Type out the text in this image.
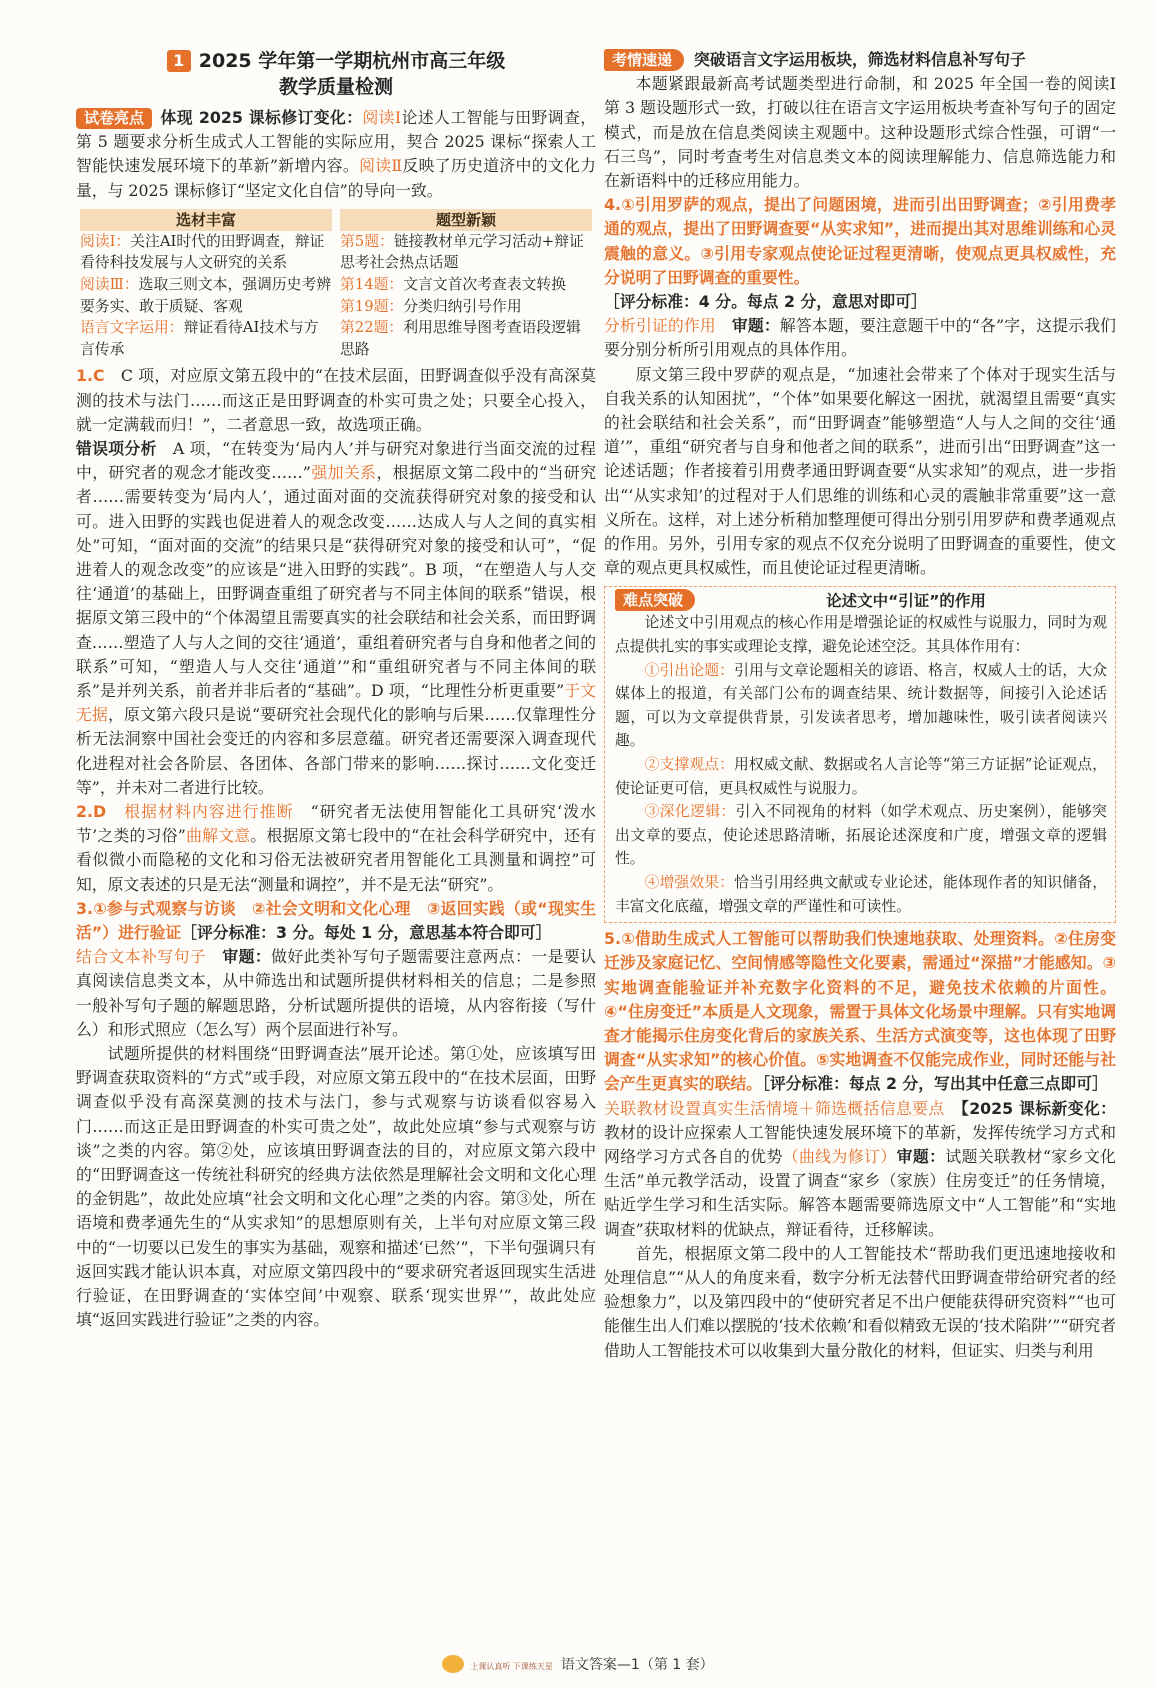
1 2025 学年第一学期杭州市高三年级
教学质量检测

试卷亮点 体现 2025 课标修订变化：阅读Ⅰ论述人工智能与田野调查，第 5 题要求分析生成式人工智能的实际应用，契合 2025 课标“探索人工智能快速发展环境下的革新”新增内容。阅读Ⅱ反映了历史道济中的文化力量，与 2025 课标修订“坚定文化自信”的导向一致。

选材丰富

阅读Ⅰ：关注AI时代的田野调查，辩证看待科技发展与人文研究的关系

阅读Ⅲ：选取三则文本，强调历史考辨要务实、敢于质疑、客观

语言文字运用：辩证看待AI技术与方言传承

题型新颖

第5题：链接教材单元学习活动+辩证思考社会热点话题

第14题：文言文首次考查表文转换

第19题：分类归纳引号作用

第22题：利用思维导图考查语段逻辑思路

1.C　 C 项，对应原文第五段中的“在技术层面，田野调查似乎没有高深莫测的技术与法门……而这正是田野调查的朴实可贵之处；只要全心投入，就一定满载而归！”，二者意思一致，故选项正确。

错误项分析　 A 项，“在转变为‘局内人’并与研究对象进行当面交流的过程中，研究者的观念才能改变……”强加关系，根据原文第二段中的“当研究者……需要转变为‘局内人’，通过面对面的交流获得研究对象的接受和认可。进入田野的实践也促进着人的观念改变……达成人与人之间的真实相处”可知，“面对面的交流”的结果只是“获得研究对象的接受和认可”，“促进着人的观念改变”的应该是“进入田野的实践”。B 项，“在塑造人与人交往‘通道’的基础上，田野调查重组了研究者与不同主体间的联系”错误，根据原文第三段中的“个体渴望且需要真实的社会联结和社会关系，而田野调查……塑造了人与人之间的交往‘通道’，重组着研究者与自身和他者之间的联系”可知，“塑造人与人交往‘通道’”和“重组研究者与不同主体间的联系”是并列关系，前者并非后者的“基础”。D 项，“比理性分析更重要”于文无据，原文第六段只是说“要研究社会现代化的影响与后果……仅靠理性分析无法洞察中国社会变迁的内容和多层意蕴。研究者还需要深入调查现代化进程对社会各阶层、各团体、各部门带来的影响……探讨……文化变迁等”，并未对二者进行比较。

2.D　 根据材料内容进行推断　 “研究者无法使用智能化工具研究‘泼水节’之类的习俗”曲解文意。根据原文第七段中的“在社会科学研究中，还有看似微小而隐秘的文化和习俗无法被研究者用智能化工具测量和调控”可知，原文表述的只是无法“测量和调控”，并不是无法“研究”。

3.①参与式观察与访谈　②社会文明和文化心理　③返回实践（或“现实生活”）进行验证［评分标准：3 分。每处 1 分，意思基本符合即可］

结合文本补写句子　 审题：做好此类补写句子题需要注意两点：一是要认真阅读信息类文本，从中筛选出和试题所提供材料相关的信息；二是参照一般补写句子题的解题思路，分析试题所提供的语境，从内容衔接（写什么）和形式照应（怎么写）两个层面进行补写。

试题所提供的材料围绕“田野调查法”展开论述。第①处，应该填写田野调查获取资料的“方式”或手段，对应原文第五段中的“在技术层面，田野调查似乎没有高深莫测的技术与法门，参与式观察与访谈看似容易入门……而这正是田野调查的朴实可贵之处”，故此处应填“参与式观察与访谈”之类的内容。第②处，应该填田野调查法的目的，对应原文第六段中的“田野调查这一传统社科研究的经典方法依然是理解社会文明和文化心理的金钥匙”，故此处应填“社会文明和文化心理”之类的内容。第③处，所在语境和费孝通先生的“从实求知”的思想原则有关，上半句对应原文第三段中的“一切要以已发生的事实为基础，观察和描述‘已然’”，下半句强调只有返回实践才能认识本真，对应原文第四段中的“要求研究者返回现实生活进行验证，在田野调查的‘实体空间’中观察、联系‘现实世界’”，故此处应填“返回实践进行验证”之类的内容。

考情速递 突破语言文字运用板块，筛选材料信息补写句子

本题紧跟最新高考试题类型进行命制，和 2025 年全国一卷的阅读Ⅰ第 3 题设题形式一致，打破以往在语言文字运用板块考查补写句子的固定模式，而是放在信息类阅读主观题中。这种设题形式综合性强，可谓“一石三鸟”，同时考查考生对信息类文本的阅读理解能力、信息筛选能力和在新语料中的迁移应用能力。

4.①引用罗萨的观点，提出了问题困境，进而引出田野调查；②引用费孝通的观点，提出了田野调查要“从实求知”，进而提出其对思维训练和心灵震触的意义。③引用专家观点使论证过程更清晰，使观点更具权威性，充分说明了田野调查的重要性。

［评分标准：4 分。每点 2 分，意思对即可］

分析引证的作用　 审题：解答本题，要注意题干中的“各”字，这提示我们要分别分析所引用观点的具体作用。

原文第三段中罗萨的观点是，“加速社会带来了个体对于现实生活与自我关系的认知困扰”，“个体”如果要化解这一困扰，就渴望且需要“真实的社会联结和社会关系”，而“田野调查”能够塑造“人与人之间的交往‘通道’”，重组“研究者与自身和他者之间的联系”，进而引出“田野调查”这一论述话题；作者接着引用费孝通田野调查要“从实求知”的观点，进一步指出“‘从实求知’的过程对于人们思维的训练和心灵的震触非常重要”这一意义所在。这样，对上述分析稍加整理便可得出分别引用罗萨和费孝通观点的作用。另外，引用专家的观点不仅充分说明了田野调查的重要性，使文章的观点更具权威性，而且使论证过程更清晰。

难点突破	论述文中“引证”的作用

论述文中引用观点的核心作用是增强论证的权威性与说服力，同时为观点提供扎实的事实或理论支撑，避免论述空泛。其具体作用有：

①引出论题：引用与文章论题相关的谚语、格言，权威人士的话，大众媒体上的报道，有关部门公布的调查结果、统计数据等，间接引入论述话题，可以为文章提供背景，引发读者思考，增加趣味性，吸引读者阅读兴趣。

②支撑观点：用权威文献、数据或名人言论等“第三方证据”论证观点，使论证更可信，更具权威性与说服力。

③深化逻辑：引入不同视角的材料（如学术观点、历史案例），能够突出文章的要点，使论述思路清晰，拓展论述深度和广度，增强文章的逻辑性。

④增强效果：恰当引用经典文献或专业论述，能体现作者的知识储备，丰富文化底蕴，增强文章的严谨性和可读性。

5.①借助生成式人工智能可以帮助我们快速地获取、处理资料。②住房变迁涉及家庭记忆、空间情感等隐性文化要素，需通过“深描”才能感知。③实地调查能验证并补充数字化资料的不足，避免技术依赖的片面性。④“住房变迁”本质是人文现象，需置于具体文化场景中理解。只有实地调查才能揭示住房变化背后的家族关系、生活方式演变等，这也体现了田野调查“从实求知”的核心价值。⑤实地调查不仅能完成作业，同时还能与社会产生更真实的联结。［评分标准：每点 2 分，写出其中任意三点即可］

关联教材设置真实生活情境＋筛选概括信息要点　 【2025 课标新变化：教材的设计应探索人工智能快速发展环境下的革新，发挥传统学习方式和网络学习方式各自的优势（曲线为修订）审题：试题关联教材“家乡文化生活”单元教学活动，设置了调查“家乡（家族）住房变迁”的任务情境，贴近学生学习和生活实际。解答本题需要筛选原文中“人工智能”和“实地调查”获取材料的优缺点，辩证看待，迁移解读。

首先，根据原文第二段中的人工智能技术“帮助我们更迅速地接收和处理信息”“从人的角度来看，数字分析无法替代田野调查带给研究者的经验想象力”，以及第四段中的“使研究者足不出户便能获得研究资料”“也可能催生出人们难以摆脱的‘技术依赖’和看似精致无误的‘技术陷阱’”“研究者借助人工智能技术可以收集到大量分散化的材料，但证实、归类与利用

上课认真听 下课练天星 语文答案—1（第 1 套）
